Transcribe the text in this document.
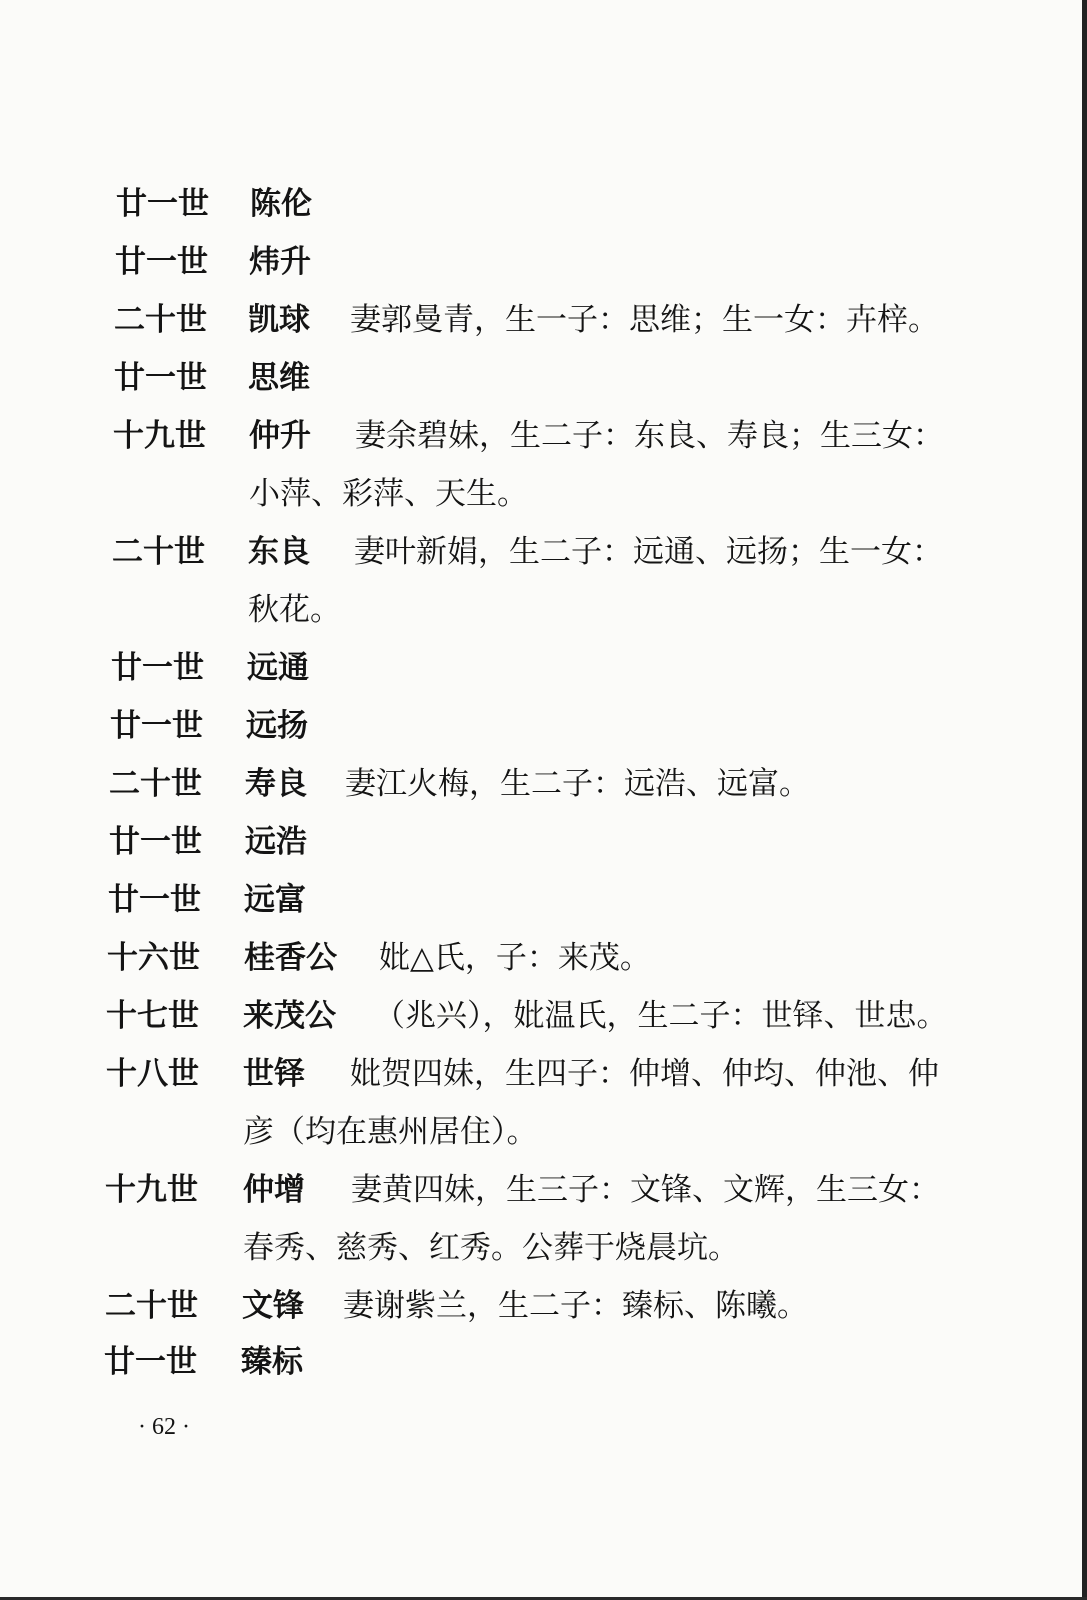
廿一世 陈伦
廿一世 炜升
二十世 凯球 妻郭曼青，生一子：思维；生一女：卉梓。
廿一世 思维
十九世 仲升 妻余碧妹，生二子：东良、寿良；生三女：
小萍、彩萍、天生。
二十世 东良 妻叶新娟，生二子：远通、远扬；生一女：
秋花。
廿一世 远通
廿一世 远扬
二十世 寿良 妻江火梅，生二子：远浩、远富。
廿一世 远浩
廿一世 远富
十六世 桂香公 妣△氏，子：来茂。
十七世 来茂公 （兆兴），妣温氏，生二子：世铎、世忠。
十八世 世铎 妣贺四妹，生四子：仲增、仲均、仲池、仲
彦（均在惠州居住）。
十九世 仲增 妻黄四妹，生三子：文锋、文辉，生三女：
春秀、慈秀、红秀。公葬于烧晨坑。
二十世 文锋 妻谢紫兰，生二子：臻标、陈曦。
廿一世 臻标
· 62 ·
